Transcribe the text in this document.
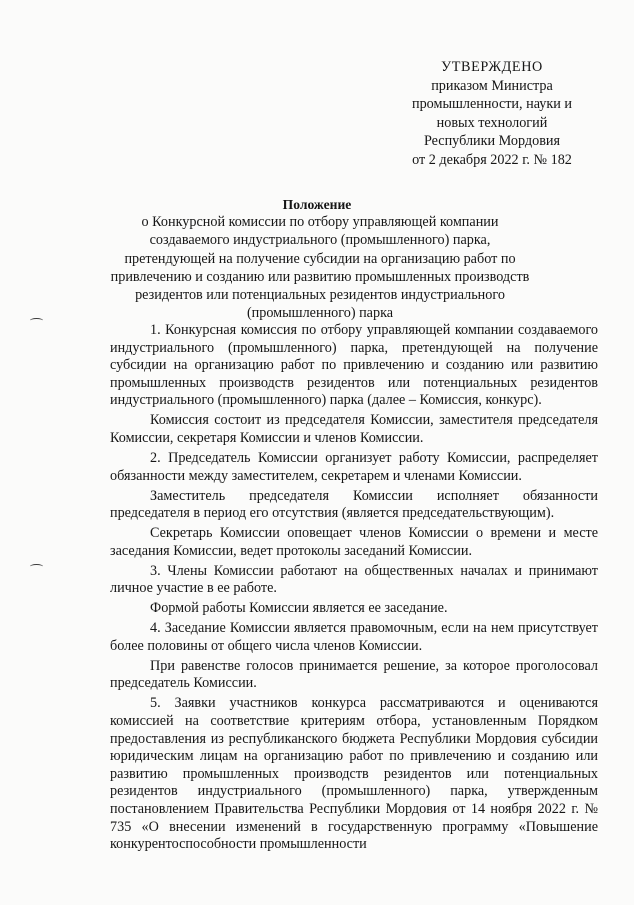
УТВЕРЖДЕНО
приказом Министра
промышленности, науки и
новых технологий
Республики Мордовия
от 2 декабря 2022 г. № 182
Положение
о Конкурсной комиссии по отбору управляющей компании создаваемого индустриального (промышленного) парка, претендующей на получение субсидии на организацию работ по привлечению и созданию или развитию промышленных производств резидентов или потенциальных резидентов индустриального (промышленного) парка

1. Конкурсная комиссия по отбору управляющей компании создаваемого индустриального (промышленного) парка, претендующей на получение субсидии на организацию работ по привлечению и созданию или развитию промышленных производств резидентов или потенциальных резидентов индустриального (промышленного) парка (далее – Комиссия, конкурс).

Комиссия состоит из председателя Комиссии, заместителя председателя Комиссии, секретаря Комиссии и членов Комиссии.

2. Председатель Комиссии организует работу Комиссии, распределяет обязанности между заместителем, секретарем и членами Комиссии.

Заместитель председателя Комиссии исполняет обязанности председателя в период его отсутствия (является председательствующим).

Секретарь Комиссии оповещает членов Комиссии о времени и месте заседания Комиссии, ведет протоколы заседаний Комиссии.

3. Члены Комиссии работают на общественных началах и принимают личное участие в ее работе.

Формой работы Комиссии является ее заседание.

4. Заседание Комиссии является правомочным, если на нем присутствует более половины от общего числа членов Комиссии.

При равенстве голосов принимается решение, за которое проголосовал председатель Комиссии.

5. Заявки участников конкурса рассматриваются и оцениваются комиссией на соответствие критериям отбора, установленным Порядком предоставления из республиканского бюджета Республики Мордовия субсидии юридическим лицам на организацию работ по привлечению и созданию или развитию промышленных производств резидентов или потенциальных резидентов индустриального (промышленного) парка, утвержденным постановлением Правительства Республики Мордовия от 14 ноября 2022 г. № 735 «О внесении изменений в государственную программу «Повышение конкурентоспособности промышленности
